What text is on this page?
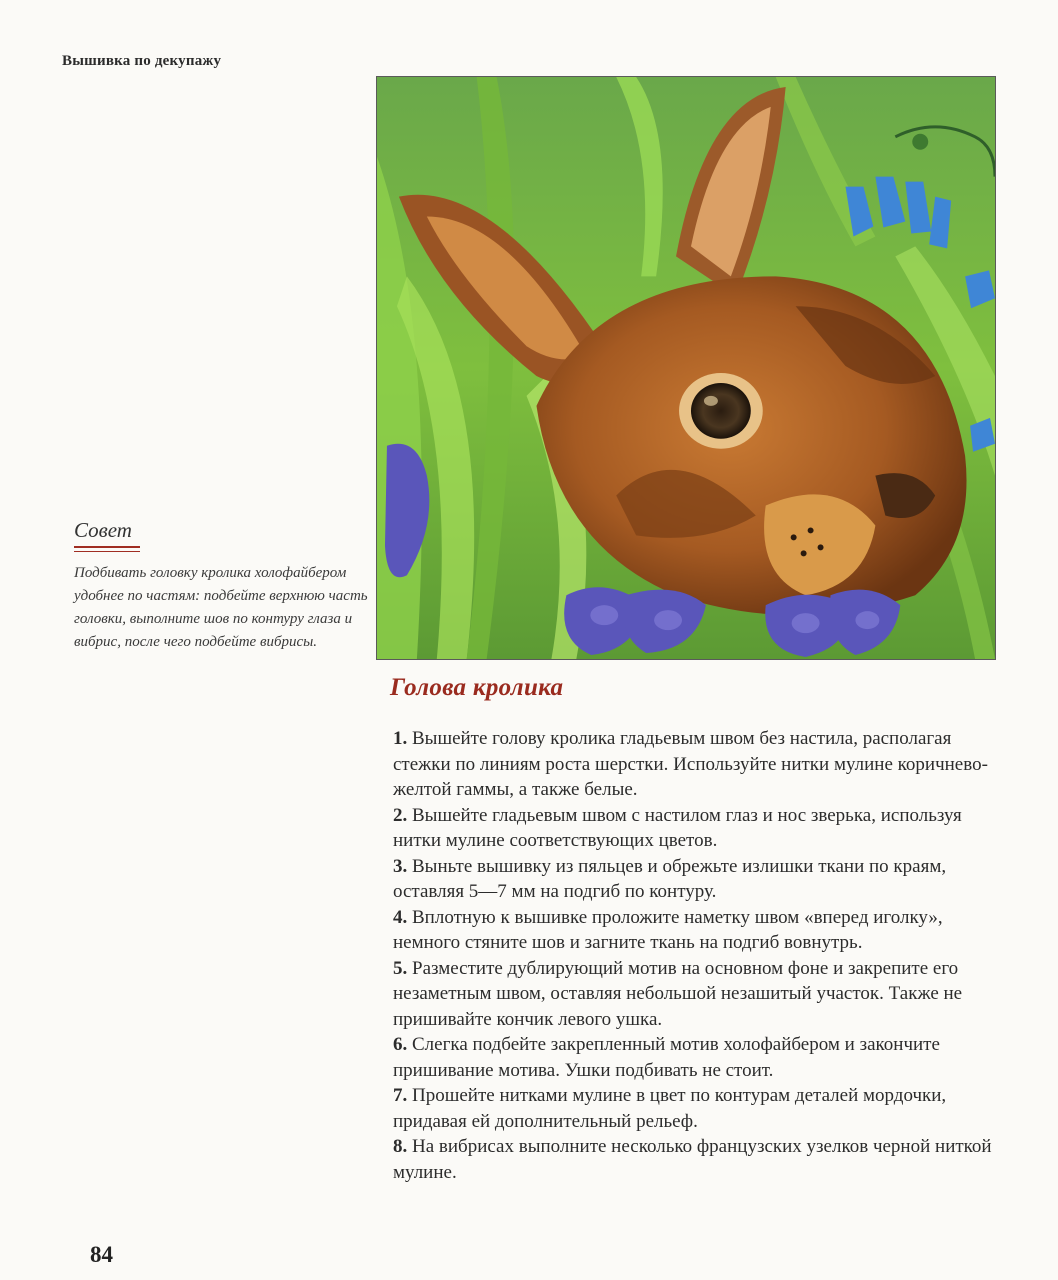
Вышивка по декупажу
Совет
Подбивать головку кролика холофайбером удобнее по частям: подбейте верхнюю часть головки, выполните шов по контуру глаза и вибрис, после чего подбейте вибрисы.
Голова кролика
1. Вышейте голову кролика гладьевым швом без настила, располагая стежки по линиям роста шерстки. Используйте нитки мулине коричнево-желтой гаммы, а также белые.
2. Вышейте гладьевым швом с настилом глаз и нос зверька, используя нитки мулине соответствующих цветов.
3. Выньте вышивку из пяльцев и обрежьте излишки ткани по краям, оставляя 5—7 мм на подгиб по контуру.
4. Вплотную к вышивке проложите наметку швом «вперед иголку», немного стяните шов и загните ткань на подгиб вовнутрь.
5. Разместите дублирующий мотив на основном фоне и закрепите его незаметным швом, оставляя небольшой незашитый участок. Также не пришивайте кончик левого ушка.
6. Слегка подбейте закрепленный мотив холофайбером и закончите пришивание мотива. Ушки подбивать не стоит.
7. Прошейте нитками мулине в цвет по контурам деталей мордочки, придавая ей дополнительный рельеф.
8. На вибрисах выполните несколько французских узелков черной ниткой мулине.
84
